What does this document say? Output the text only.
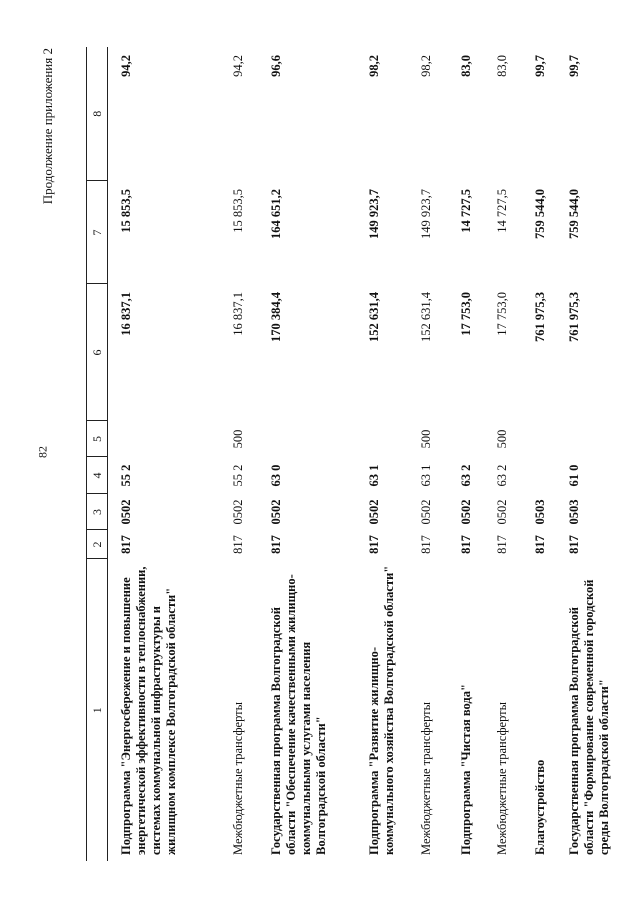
82
Продолжение приложения 2
1	2	3	4	5	6	7	8
Подпрограмма "Энергосбережение и повышение энергетической эффективности в теплоснабжении, системах коммунальной инфраструктуры и жилищном комплексе Волгоградской области"	817	0502	55 2		16 837,1	15 853,5	94,2
Межбюджетные трансферты	817	0502	55 2	500	16 837,1	15 853,5	94,2
Государственная программа Волгоградской области "Обеспечение качественными жилищно-коммунальными услугами населения Волгоградской области"	817	0502	63 0		170 384,4	164 651,2	96,6
Подпрограмма "Развитие жилищно-коммунального хозяйства Волгоградской области"	817	0502	63 1		152 631,4	149 923,7	98,2
Межбюджетные трансферты	817	0502	63 1	500	152 631,4	149 923,7	98,2
Подпрограмма "Чистая вода"	817	0502	63 2		17 753,0	14 727,5	83,0
Межбюджетные трансферты	817	0502	63 2	500	17 753,0	14 727,5	83,0
Благоустройство	817	0503			761 975,3	759 544,0	99,7
Государственная программа Волгоградской области "Формирование современной городской среды Волгоградской области"	817	0503	61 0		761 975,3	759 544,0	99,7
